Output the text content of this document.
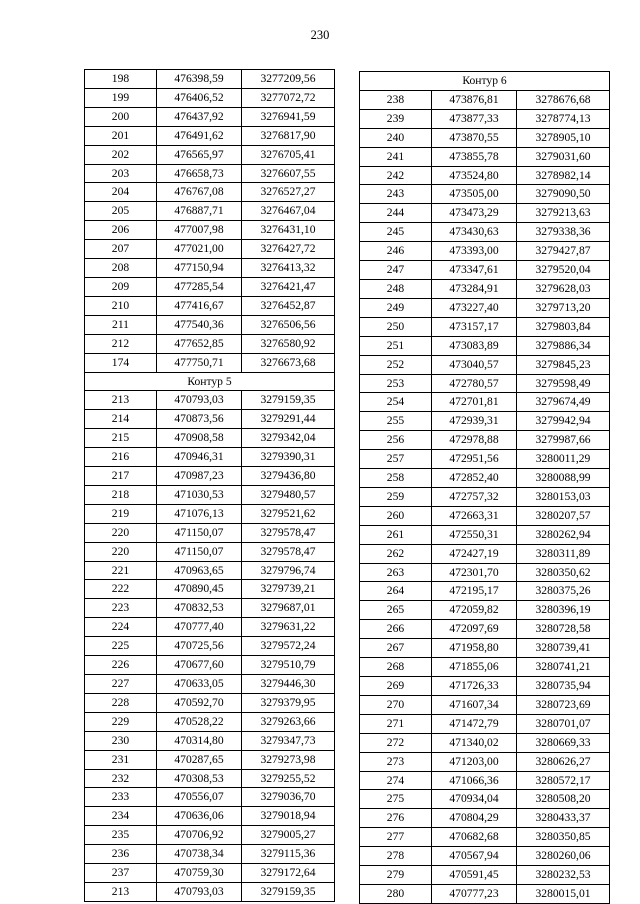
230
198	476398,59	3277209,56
199	476406,52	3277072,72
200	476437,92	3276941,59
201	476491,62	3276817,90
202	476565,97	3276705,41
203	476658,73	3276607,55
204	476767,08	3276527,27
205	476887,71	3276467,04
206	477007,98	3276431,10
207	477021,00	3276427,72
208	477150,94	3276413,32
209	477285,54	3276421,47
210	477416,67	3276452,87
211	477540,36	3276506,56
212	477652,85	3276580,92
174	477750,71	3276673,68
Контур 5		
213	470793,03	3279159,35
214	470873,56	3279291,44
215	470908,58	3279342,04
216	470946,31	3279390,31
217	470987,23	3279436,80
218	471030,53	3279480,57
219	471076,13	3279521,62
220	471150,07	3279578,47
220	471150,07	3279578,47
221	470963,65	3279796,74
222	470890,45	3279739,21
223	470832,53	3279687,01
224	470777,40	3279631,22
225	470725,56	3279572,24
226	470677,60	3279510,79
227	470633,05	3279446,30
228	470592,70	3279379,95
229	470528,22	3279263,66
230	470314,80	3279347,73
231	470287,65	3279273,98
232	470308,53	3279255,52
233	470556,07	3279036,70
234	470636,06	3279018,94
235	470706,92	3279005,27
236	470738,34	3279115,36
237	470759,30	3279172,64
213	470793,03	3279159,35
Контур 6		
238	473876,81	3278676,68
239	473877,33	3278774,13
240	473870,55	3278905,10
241	473855,78	3279031,60
242	473524,80	3278982,14
243	473505,00	3279090,50
244	473473,29	3279213,63
245	473430,63	3279338,36
246	473393,00	3279427,87
247	473347,61	3279520,04
248	473284,91	3279628,03
249	473227,40	3279713,20
250	473157,17	3279803,84
251	473083,89	3279886,34
252	473040,57	3279845,23
253	472780,57	3279598,49
254	472701,81	3279674,49
255	472939,31	3279942,94
256	472978,88	3279987,66
257	472951,56	3280011,29
258	472852,40	3280088,99
259	472757,32	3280153,03
260	472663,31	3280207,57
261	472550,31	3280262,94
262	472427,19	3280311,89
263	472301,70	3280350,62
264	472195,17	3280375,26
265	472059,82	3280396,19
266	472097,69	3280728,58
267	471958,80	3280739,41
268	471855,06	3280741,21
269	471726,33	3280735,94
270	471607,34	3280723,69
271	471472,79	3280701,07
272	471340,02	3280669,33
273	471203,00	3280626,27
274	471066,36	3280572,17
275	470934,04	3280508,20
276	470804,29	3280433,37
277	470682,68	3280350,85
278	470567,94	3280260,06
279	470591,45	3280232,53
280	470777,23	3280015,01
